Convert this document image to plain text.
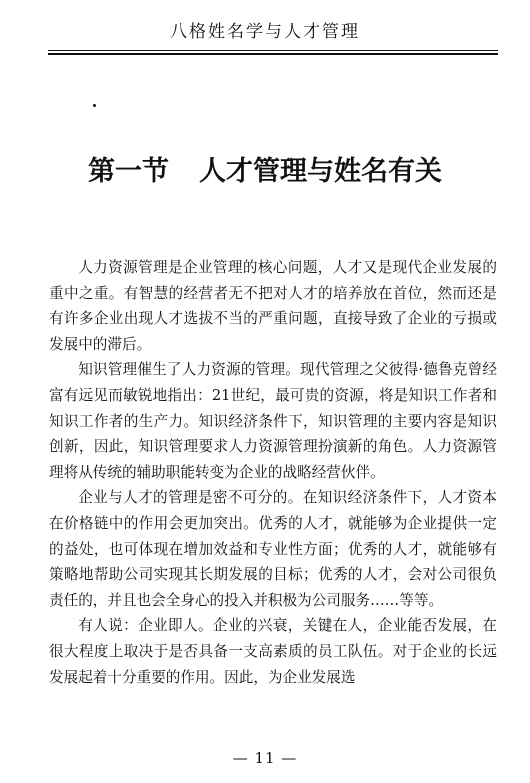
八格姓名学与人才管理
第一节 人才管理与姓名有关

人力资源管理是企业管理的核心问题，人才又是现代企业发展的重中之重。有智慧的经营者无不把对人才的培养放在首位，然而还是有许多企业出现人才选拔不当的严重问题，直接导致了企业的亏损或发展中的滞后。

知识管理催生了人力资源的管理。现代管理之父彼得·德鲁克曾经富有远见而敏锐地指出：21世纪，最可贵的资源，将是知识工作者和知识工作者的生产力。知识经济条件下，知识管理的主要内容是知识创新，因此，知识管理要求人力资源管理扮演新的角色。人力资源管理将从传统的辅助职能转变为企业的战略经营伙伴。

企业与人才的管理是密不可分的。在知识经济条件下，人才资本在价格链中的作用会更加突出。优秀的人才，就能够为企业提供一定的益处，也可体现在增加效益和专业性方面；优秀的人才，就能够有策略地帮助公司实现其长期发展的目标；优秀的人才，会对公司很负责任的，并且也会全身心的投入并积极为公司服务……等等。

有人说：企业即人。企业的兴衰，关键在人，企业能否发展，在很大程度上取决于是否具备一支高素质的员工队伍。对于企业的长远发展起着十分重要的作用。因此，为企业发展选

— 11 —
